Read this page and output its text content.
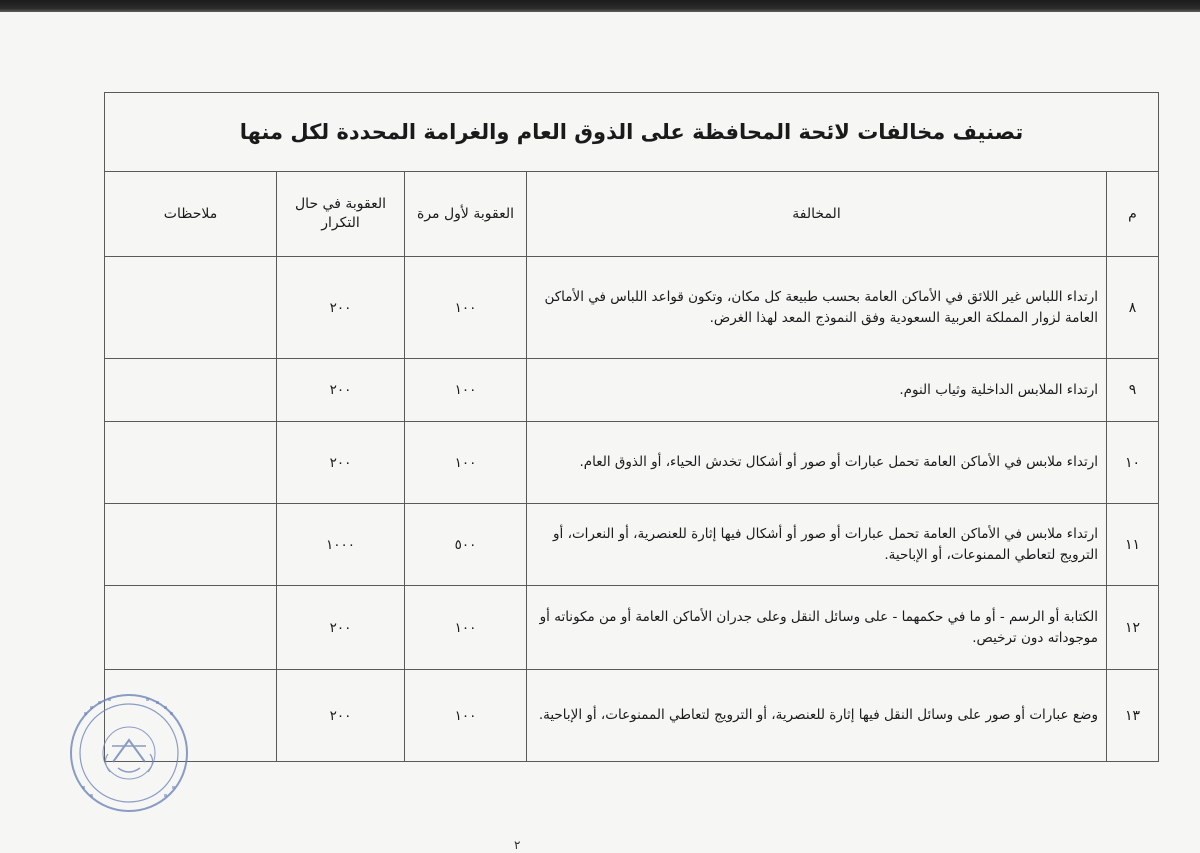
تصنيف مخالفات لائحة المحافظة على الذوق العام والغرامة المحددة لكل منها				
م	المخالفة	العقوبة لأول مرة	العقوبة في حال التكرار	ملاحظات
٨	ارتداء اللباس غير اللائق في الأماكن العامة بحسب طبيعة كل مكان، وتكون قواعد اللباس في الأماكن العامة لزوار المملكة العربية السعودية وفق النموذج المعد لهذا الغرض.	١٠٠	٢٠٠	
٩	ارتداء الملابس الداخلية وثياب النوم.	١٠٠	٢٠٠	
١٠	ارتداء ملابس في الأماكن العامة تحمل عبارات أو صور أو أشكال تخدش الحياء، أو الذوق العام.	١٠٠	٢٠٠	
١١	ارتداء ملابس في الأماكن العامة تحمل عبارات أو صور أو أشكال فيها إثارة للعنصرية، أو النعرات، أو الترويج لتعاطي الممنوعات، أو الإباحية.	٥٠٠	١٠٠٠	
١٢	الكتابة أو الرسم - أو ما في حكمهما - على وسائل النقل وعلى جدران الأماكن العامة أو من مكوناته أو موجوداته دون ترخيص.	١٠٠	٢٠٠	
١٣	وضع عبارات أو صور على وسائل النقل فيها إثارة للعنصرية، أو الترويج لتعاطي الممنوعات، أو الإباحية.	١٠٠	٢٠٠	
٢
